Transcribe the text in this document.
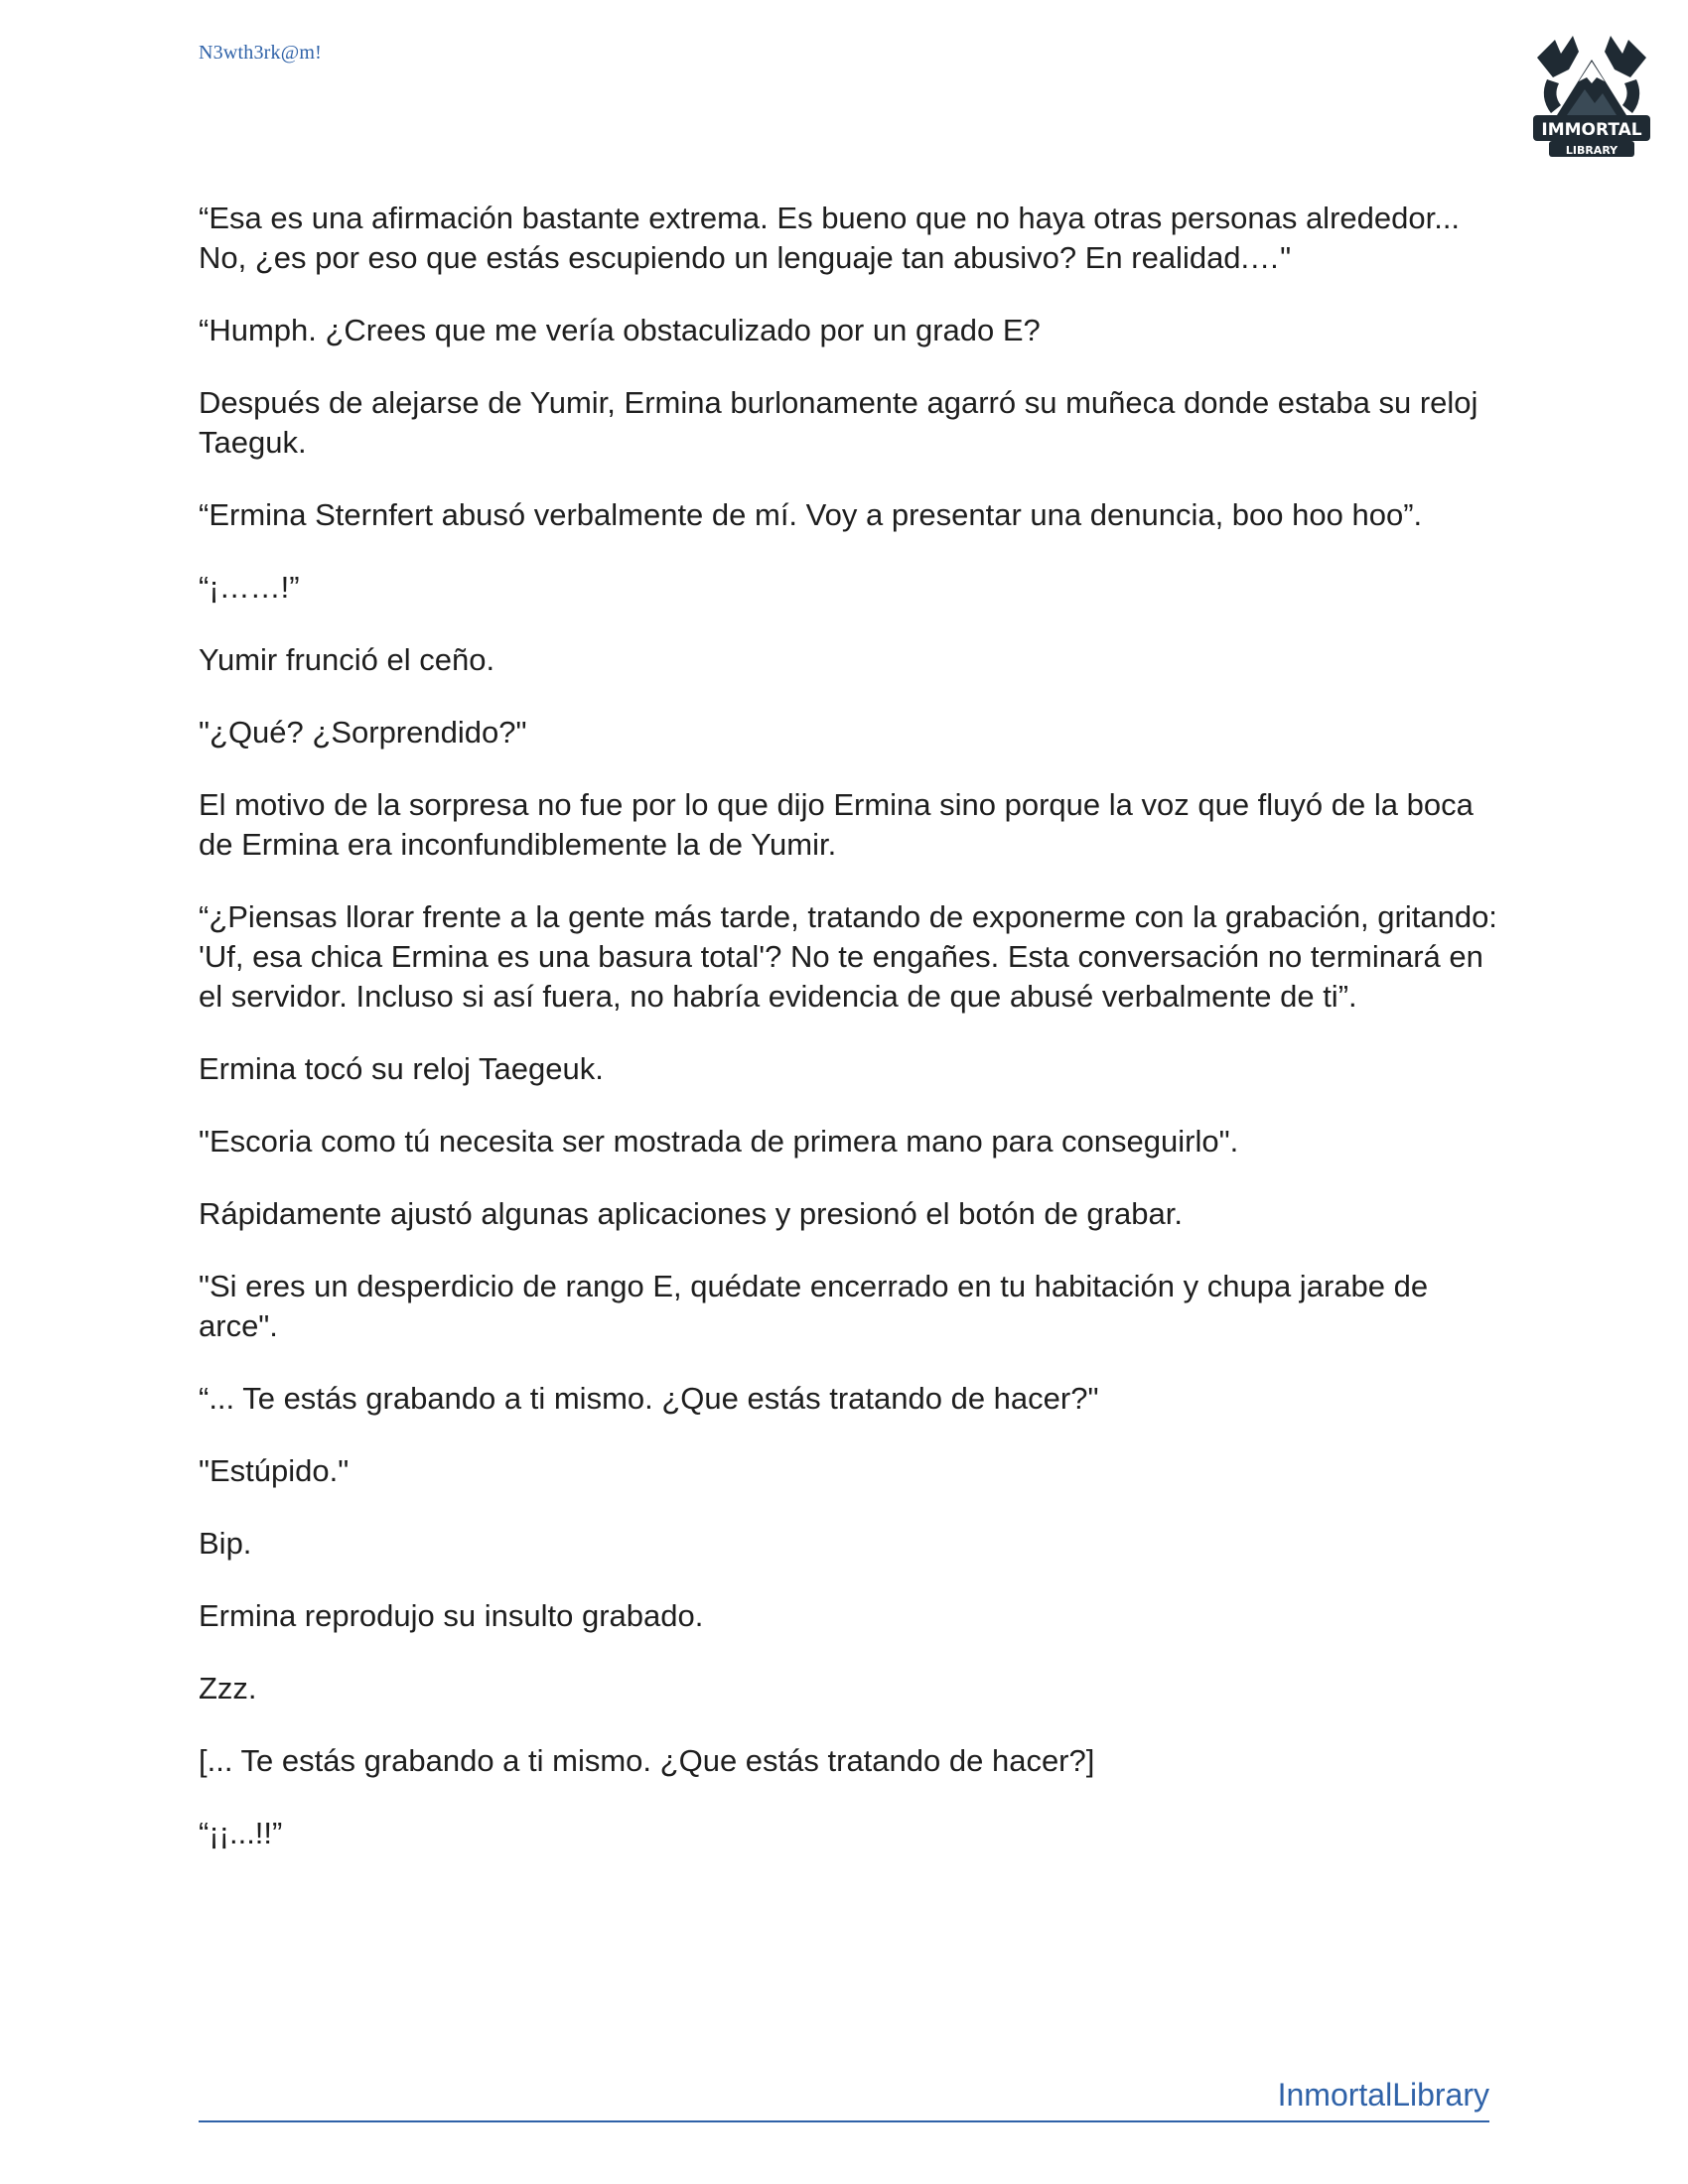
N3wth3rk@m!
IMMORTAL
LIBRARY

“Esa es una afirmación bastante extrema. Es bueno que no haya otras personas alrededor... No, ¿es por eso que estás escupiendo un lenguaje tan abusivo? En realidad.…"

“Humph. ¿Crees que me vería obstaculizado por un grado E?

Después de alejarse de Yumir, Ermina burlonamente agarró su muñeca donde estaba su reloj Taeguk.

“Ermina Sternfert abusó verbalmente de mí. Voy a presentar una denuncia, boo hoo hoo”.

“¡……!”

Yumir frunció el ceño.

"¿Qué? ¿Sorprendido?"

El motivo de la sorpresa no fue por lo que dijo Ermina sino porque la voz que fluyó de la boca de Ermina era inconfundiblemente la de Yumir.

“¿Piensas llorar frente a la gente más tarde, tratando de exponerme con la grabación, gritando: 'Uf, esa chica Ermina es una basura total'? No te engañes. Esta conversación no terminará en el servidor. Incluso si así fuera, no habría evidencia de que abusé verbalmente de ti”.

Ermina tocó su reloj Taegeuk.

"Escoria como tú necesita ser mostrada de primera mano para conseguirlo".

Rápidamente ajustó algunas aplicaciones y presionó el botón de grabar.

"Si eres un desperdicio de rango E, quédate encerrado en tu habitación y chupa jarabe de arce".

“... Te estás grabando a ti mismo. ¿Que estás tratando de hacer?"

"Estúpido."

Bip.

Ermina reprodujo su insulto grabado.

Zzz.

[... Te estás grabando a ti mismo. ¿Que estás tratando de hacer?]

“¡¡...!!”

InmortalLibrary
